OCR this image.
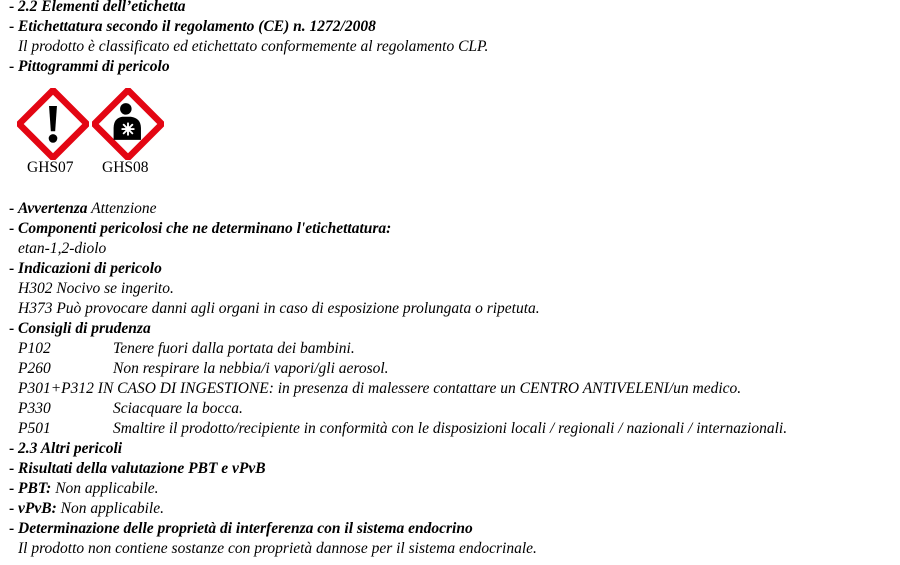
- 2.2 Elementi dell’etichetta
- Etichettatura secondo il regolamento (CE) n. 1272/2008
Il prodotto è classificato ed etichettato conformemente al regolamento CLP.
- Pittogrammi di pericolo
GHS07 GHS08
- Avvertenza Attenzione
- Componenti pericolosi che ne determinano l'etichettatura:
etan-1,2-diolo
- Indicazioni di pericolo
H302 Nocivo se ingerito.
H373 Può provocare danni agli organi in caso di esposizione prolungata o ripetuta.
- Consigli di prudenza
P102	Tenere fuori dalla portata dei bambini.
P260	Non respirare la nebbia/i vapori/gli aerosol.
P301+P312 IN CASO DI INGESTIONE: in presenza di malessere contattare un CENTRO ANTIVELENI/un medico.
P330	Sciacquare la bocca.
P501	Smaltire il prodotto/recipiente in conformità con le disposizioni locali / regionali / nazionali / internazionali.
- 2.3 Altri pericoli
- Risultati della valutazione PBT e vPvB
- PBT: Non applicabile.
- vPvB: Non applicabile.
- Determinazione delle proprietà di interferenza con il sistema endocrino
Il prodotto non contiene sostanze con proprietà dannose per il sistema endocrinale.
